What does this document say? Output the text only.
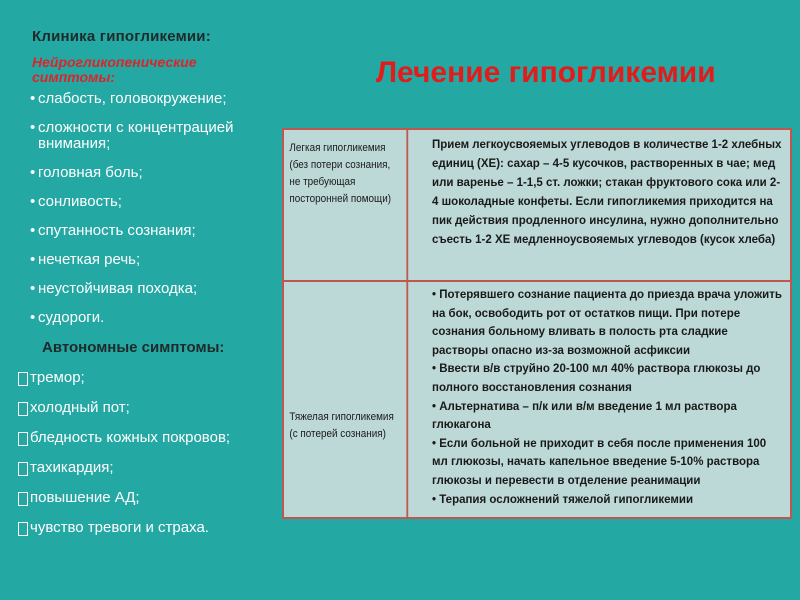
Клиника гипогликемии:
Нейрогликопенические симптомы:
• слабость, головокружение;
• сложности с концентрацией внимания;
• головная боль;
• сонливость;
• спутанность сознания;
• нечеткая речь;
• неустойчивая походка;
• судороги.
Автономные симптомы:
тремор;
холодный пот;
бледность кожных покровов;
тахикардия;
повышение АД;
чувство тревоги и страха.
Лечение гипогликемии
Легкая гипогликемия (без потери сознания, не требующая посторонней помощи)
Прием легкоусвояемых углеводов в количестве 1-2 хлебных единиц (ХЕ): сахар – 4-5 кусочков, растворенных в чае; мед или варенье – 1-1,5 ст. ложки; стакан фруктового сока или 2-4 шоколадные конфеты. Если гипогликемия приходится на пик действия продленного инсулина, нужно дополнительно съесть 1-2 ХЕ медленноусвояемых углеводов (кусок хлеба)
Тяжелая гипогликемия (с потерей сознания)
• Потерявшего сознание пациента до приезда врача уложить на бок, освободить рот от остатков пищи. При потере сознания больному вливать в полость рта сладкие растворы опасно из-за возможной асфиксии
• Ввести в/в струйно 20-100 мл 40% раствора глюкозы до полного восстановления сознания
• Альтернатива – п/к или в/м введение 1 мл раствора глюкагона
• Если больной не приходит в себя после применения 100 мл глюкозы, начать капельное введение 5-10% раствора глюкозы и перевести в отделение реанимации
• Терапия осложнений тяжелой гипогликемии
